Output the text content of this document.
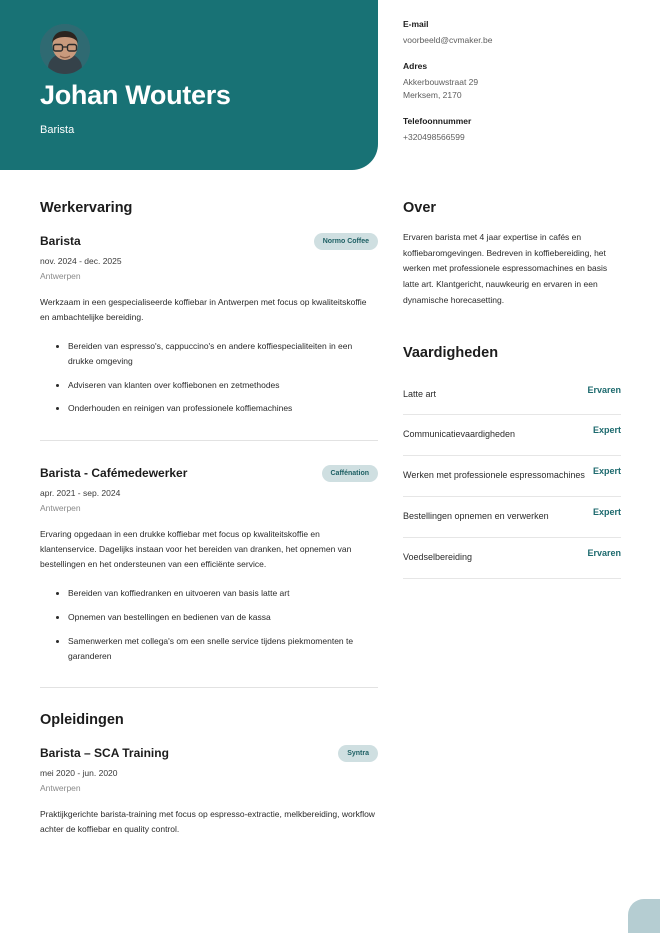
Johan Wouters
Barista
E-mail
voorbeeld@cvmaker.be
Adres
Akkerbouwstraat 29
Merksem, 2170
Telefoonnummer
+320498566599
Werkervaring
Barista	Normo Coffee
nov. 2024 - dec. 2025
Antwerpen
Werkzaam in een gespecialiseerde koffiebar in Antwerpen met focus op kwaliteitskoffie en ambachtelijke bereiding.
Bereiden van espresso's, cappuccino's en andere koffiespecialiteiten in een drukke omgeving
Adviseren van klanten over koffiebonen en zetmethodes
Onderhouden en reinigen van professionele koffiemachines
Barista - Cafémedewerker	Caffénation
apr. 2021 - sep. 2024
Antwerpen
Ervaring opgedaan in een drukke koffiebar met focus op kwaliteitskoffie en klantenservice. Dagelijks instaan voor het bereiden van dranken, het opnemen van bestellingen en het ondersteunen van een efficiënte service.
Bereiden van koffiedranken en uitvoeren van basis latte art
Opnemen van bestellingen en bedienen van de kassa
Samenwerken met collega's om een snelle service tijdens piekmomenten te garanderen
Opleidingen
Barista – SCA Training	Syntra
mei 2020 - jun. 2020
Antwerpen
Praktijkgerichte barista-training met focus op espresso-extractie, melkbereiding, workflow achter de koffiebar en quality control.
Over
Ervaren barista met 4 jaar expertise in cafés en koffiebaromgevingen. Bedreven in koffiebereiding, het werken met professionele espressomachines en basis latte art. Klantgericht, nauwkeurig en ervaren in een dynamische horecasetting.
Vaardigheden
Latte art	Ervaren
Communicatievaardigheden	Expert
Werken met professionele espressomachines Expert
Bestellingen opnemen en verwerken	Expert
Voedselbereiding	Ervaren
